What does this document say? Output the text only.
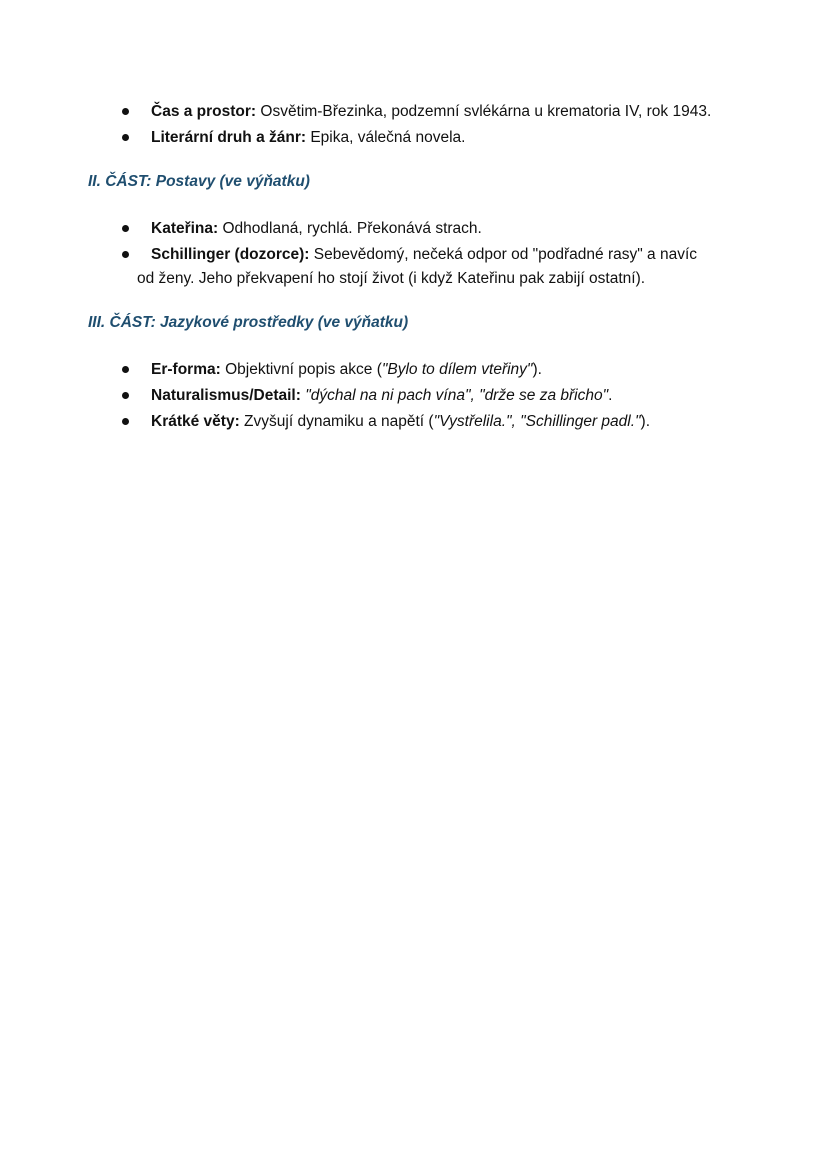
Čas a prostor: Osvětim-Březinka, podzemní svlékárna u krematoria IV, rok 1943.
Literární druh a žánr: Epika, válečná novela.
II. ČÁST: Postavy (ve výňatku)
Kateřina: Odhodlaná, rychlá. Překonává strach.
Schillinger (dozorce): Sebevědomý, nečeká odpor od "podřadné rasy" a navíc
od ženy. Jeho překvapení ho stojí život (i když Kateřinu pak zabijí ostatní).
III. ČÁST: Jazykové prostředky (ve výňatku)
Er-forma: Objektivní popis akce ("Bylo to dílem vteřiny").
Naturalismus/Detail: "dýchal na ni pach vína", "drže se za břicho".
Krátké věty: Zvyšují dynamiku a napětí ("Vystřelila.", "Schillinger padl.").
